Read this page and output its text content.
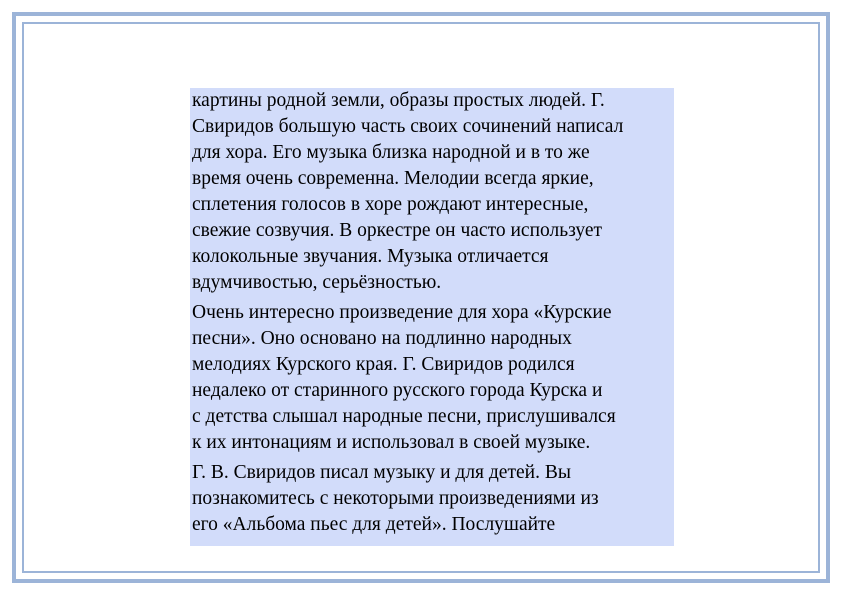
картины родной земли, образы простых людей. Г.
Свиридов большую часть своих сочинений написал
для хора. Его музыка близка народной и в то же
время очень современна. Мелодии всегда яркие,
сплетения голосов в хоре рождают интересные,
свежие созвучия. В оркестре он часто использует
колокольные звучания. Музыка отличается
вдумчивостью, серьёзностью.

Очень интересно произведение для хора «Курские
песни». Оно основано на подлинно народных
мелодиях Курского края. Г. Свиридов родился
недалеко от старинного русского города Курска и
с детства слышал народные песни, прислушивался
к их интонациям и использовал в своей музыке.

Г. В. Свиридов писал музыку и для детей. Вы
познакомитесь с некоторыми произведениями из
его «Альбома пьес для детей». Послушайте
